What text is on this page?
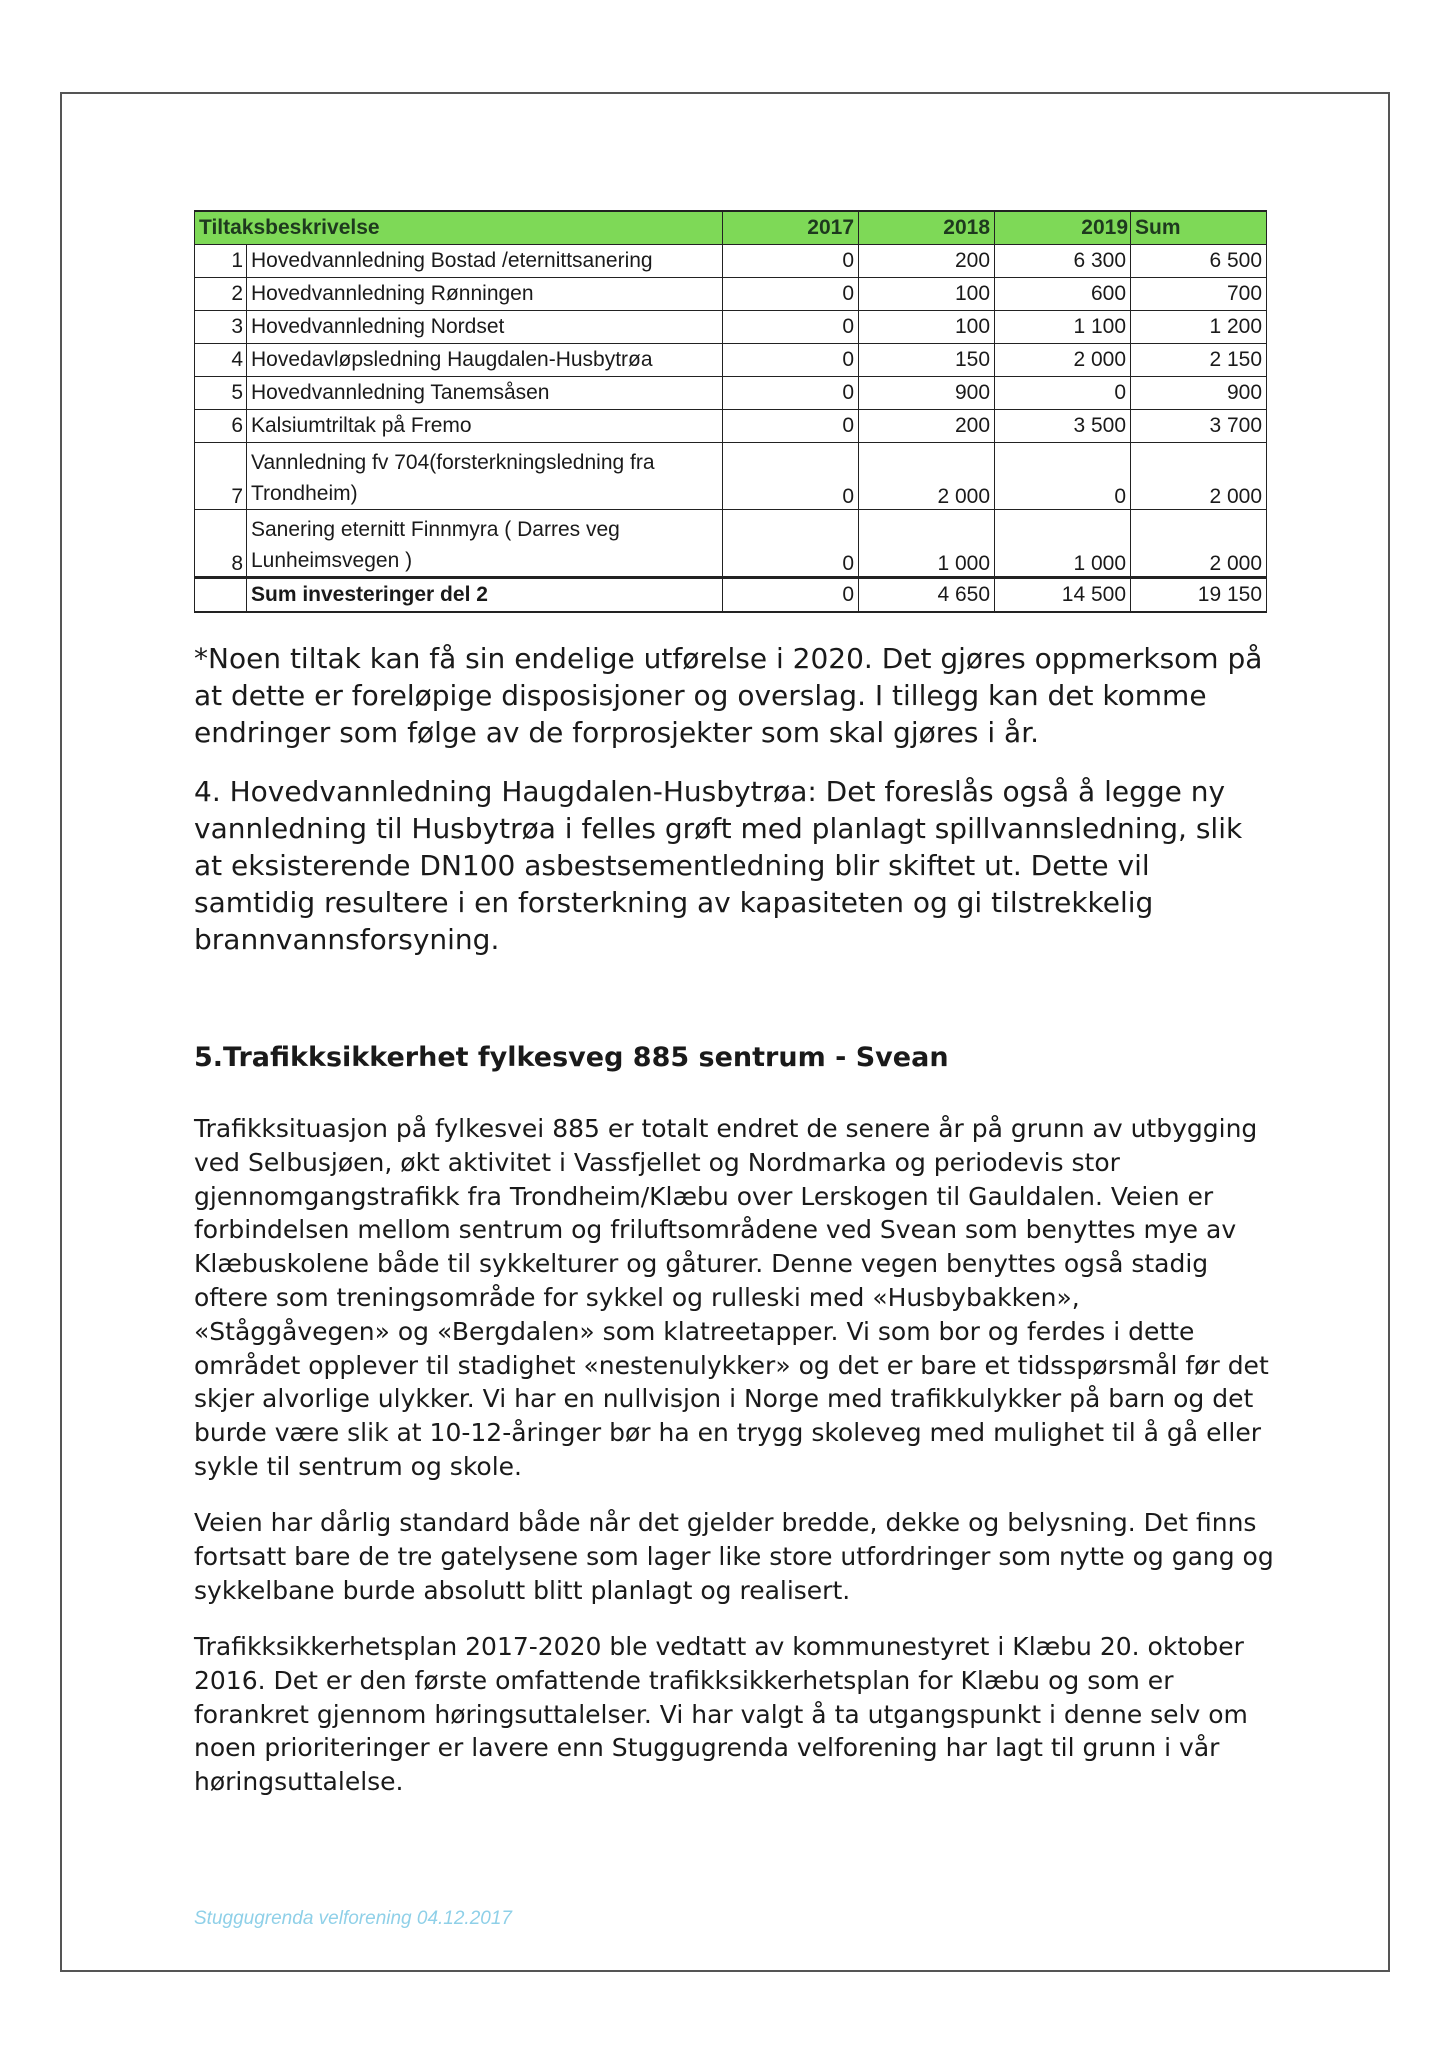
Tiltaksbeskrivelse		2017	2018	2019	Sum
1	Hovedvannledning Bostad /eternittsanering	0	200	6 300	6 500
2	Hovedvannledning Rønningen	0	100	600	700
3	Hovedvannledning Nordset	0	100	1 100	1 200
4	Hovedavløpsledning Haugdalen-Husbytrøa	0	150	2 000	2 150
5	Hovedvannledning Tanemsåsen	0	900	0	900
6	Kalsiumtriltak på Fremo	0	200	3 500	3 700
7	Vannledning fv 704(forsterkningsledning fra Trondheim)	0	2 000	0	2 000
8	Sanering eternitt Finnmyra ( Darres veg Lunheimsvegen )	0	1 000	1 000	2 000
	Sum investeringer del 2	0	4 650	14 500	19 150

*Noen tiltak kan få sin endelige utførelse i 2020. Det gjøres oppmerksom på at dette er foreløpige disposisjoner og overslag. I tillegg kan det komme endringer som følge av de forprosjekter som skal gjøres i år.

4. Hovedvannledning Haugdalen-Husbytrøa: Det foreslås også å legge ny vannledning til Husbytrøa i felles grøft med planlagt spillvannsledning, slik at eksisterende DN100 asbestsementledning blir skiftet ut. Dette vil samtidig resultere i en forsterkning av kapasiteten og gi tilstrekkelig brannvannsforsyning.

5.Trafikksikkerhet fylkesveg 885 sentrum - Svean

Trafikksituasjon på fylkesvei 885 er totalt endret de senere år på grunn av utbygging ved Selbusjøen, økt aktivitet i Vassfjellet og Nordmarka og periodevis stor gjennomgangstrafikk fra Trondheim/Klæbu over Lerskogen til Gauldalen. Veien er forbindelsen mellom sentrum og friluftsområdene ved Svean som benyttes mye av Klæbuskolene både til sykkelturer og gåturer. Denne vegen benyttes også stadig oftere som treningsområde for sykkel og rulleski med «Husbybakken», «Ståggåvegen» og «Bergdalen» som klatreetapper. Vi som bor og ferdes i dette området opplever til stadighet «nestenulykker» og det er bare et tidsspørsmål før det skjer alvorlige ulykker. Vi har en nullvisjon i Norge med trafikkulykker på barn og det burde være slik at 10-12-åringer bør ha en trygg skoleveg med mulighet til å gå eller sykle til sentrum og skole.

Veien har dårlig standard både når det gjelder bredde, dekke og belysning. Det finns fortsatt bare de tre gatelysene som lager like store utfordringer som nytte og gang og sykkelbane burde absolutt blitt planlagt og realisert.

Trafikksikkerhetsplan 2017-2020 ble vedtatt av kommunestyret i Klæbu 20. oktober 2016. Det er den første omfattende trafikksikkerhetsplan for Klæbu og som er forankret gjennom høringsuttalelser. Vi har valgt å ta utgangspunkt i denne selv om noen prioriteringer er lavere enn Stuggugrenda velforening har lagt til grunn i vår høringsuttalelse.

Stuggugrenda velforening 04.12.2017
